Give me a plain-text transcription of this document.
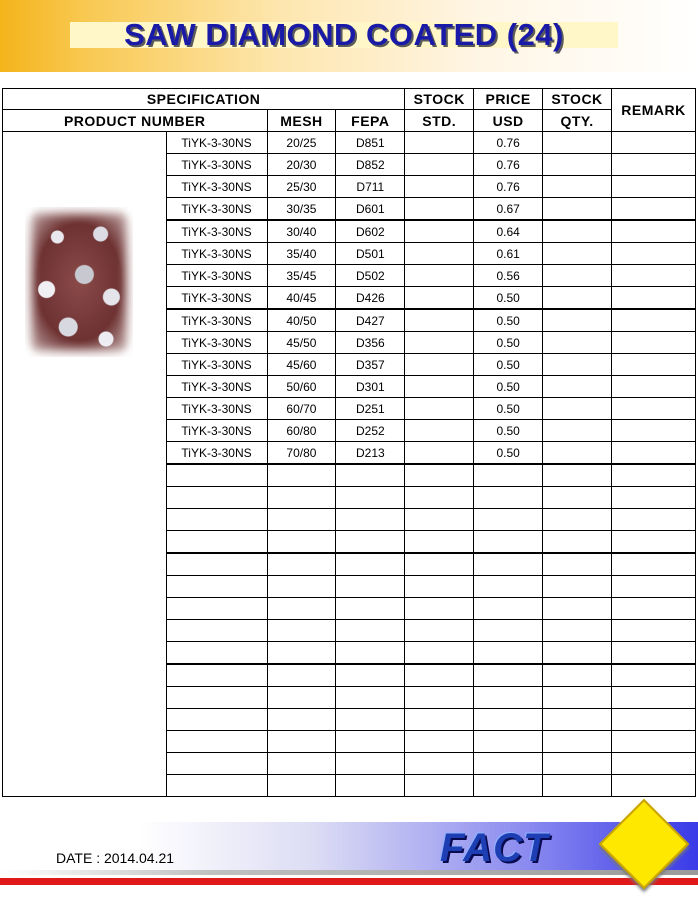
SAW DIAMOND COATED (24)
SPECIFICATION				STOCK	PRICE	STOCK	REMARK
PRODUCT NUMBER		MESH	FEPA	STD.	USD	QTY.	

	TiYK-3-30NS	20/25	D851		0.76		
	TiYK-3-30NS	20/30	D852		0.76		
	TiYK-3-30NS	25/30	D711		0.76		
	TiYK-3-30NS	30/35	D601		0.67		
	TiYK-3-30NS	30/40	D602		0.64		
	TiYK-3-30NS	35/40	D501		0.61		
	TiYK-3-30NS	35/45	D502		0.56		
	TiYK-3-30NS	40/45	D426		0.50		
	TiYK-3-30NS	40/50	D427		0.50		
	TiYK-3-30NS	45/50	D356		0.50		
	TiYK-3-30NS	45/60	D357		0.50		
	TiYK-3-30NS	50/60	D301		0.50		
	TiYK-3-30NS	60/70	D251		0.50		
	TiYK-3-30NS	60/80	D252		0.50		
	TiYK-3-30NS	70/80	D213		0.50		

DATE : 2014.04.21	FACT
